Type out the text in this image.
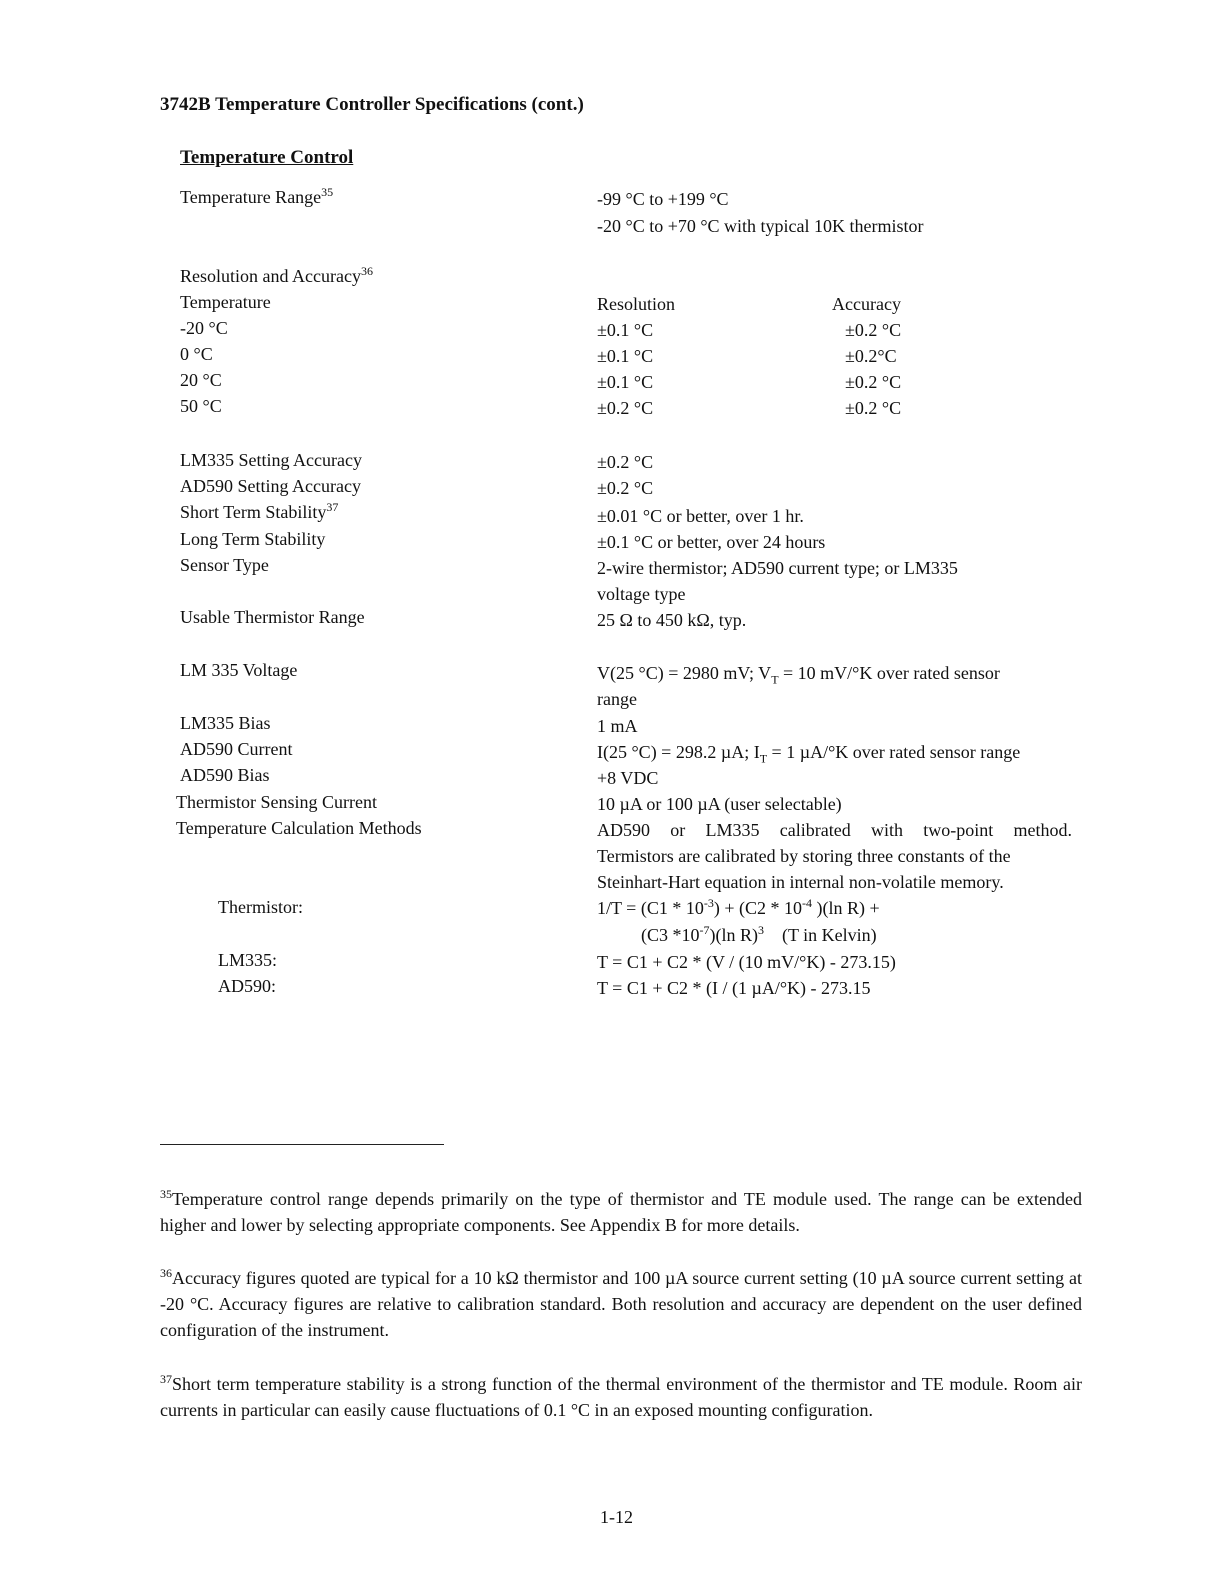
3742B Temperature Controller Specifications (cont.)
Temperature Control
Temperature Range$^{35}$	-99 °C to +199 °C
-20 °C to +70 °C with typical 10K thermistor
Resolution and Accuracy$^{36}$
Temperature	Resolution	Accuracy
-20 °C	±0.1 °C	±0.2 °C
0 °C	±0.1 °C	±0.2°C
20 °C	±0.1 °C	±0.2 °C
50 °C	±0.2 °C	±0.2 °C
LM335 Setting Accuracy	±0.2 °C
AD590 Setting Accuracy	±0.2 °C
Short Term Stability$^{37}$	±0.01 °C or better, over 1 hr.
Long Term Stability	±0.1 °C or better, over 24 hours
Sensor Type	2-wire thermistor; AD590 current type; or LM335
voltage type
Usable Thermistor Range	25 Ω to 450 kΩ, typ.
LM 335 Voltage	V(25 °C) = 2980 mV; $V_T = 10$ mV/°K over rated sensor
range
LM335 Bias	1 mA
AD590 Current	I(25 °C) = 298.2 µA; $I_T = 1$ µA/°K over rated sensor range
AD590 Bias	+8 VDC
Thermistor Sensing Current	10 µA or 100 µA (user selectable)
Temperature Calculation Methods	AD590 or LM335 calibrated with two-point method.
Termistors are calibrated by storing three constants of the
Steinhart-Hart equation in internal non-volatile memory.
Thermistor:	$1/T = (C1 * 10^{-3}) + (C2 * 10^{-4}$ )(ln R) +
(C3 $*10^{-7})(\ln$ R)$^3$    (T in Kelvin)
LM335:	T = C1 + C2 * (V / (10 mV/°K) - 273.15)
AD590:	T = C1 + C2 * (I / (1 µA/°K) - 273.15
$^{35}$Temperature control range depends primarily on the type of thermistor and TE module used. The range can be extended higher and lower by selecting appropriate components. See Appendix B for more details.
$^{36}$Accuracy figures quoted are typical for a 10 kΩ thermistor and 100 µA source current setting (10 µA source current setting at -20 °C. Accuracy figures are relative to calibration standard. Both resolution and accuracy are dependent on the user defined configuration of the instrument.
$^{37}$Short term temperature stability is a strong function of the thermal environment of the thermistor and TE module. Room air currents in particular can easily cause fluctuations of 0.1 °C in an exposed mounting configuration.
1-12
